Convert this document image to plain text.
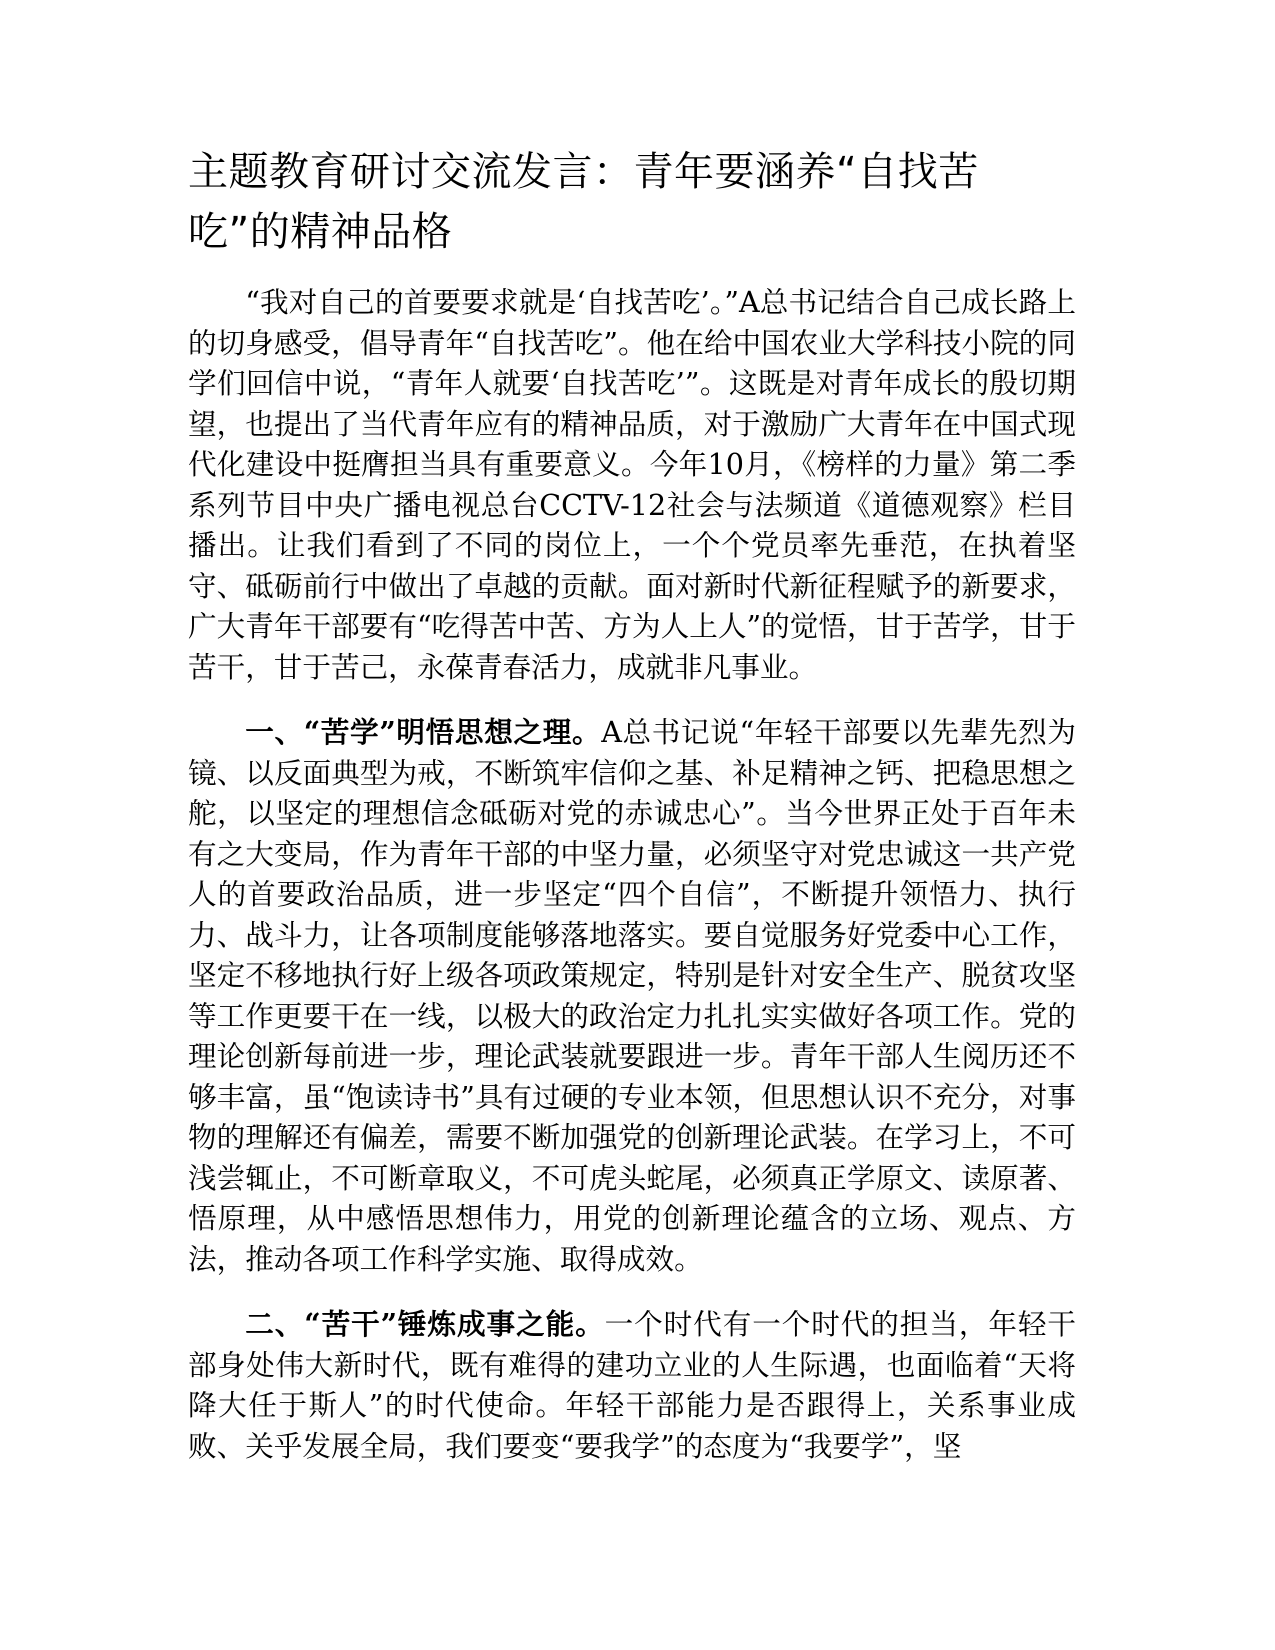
主题教育研讨交流发言：青年要涵养“自找苦吃”的精神品格

“我对自己的首要要求就是‘自找苦吃’。”A总书记结合自己成长路上的切身感受，倡导青年“自找苦吃”。他在给中国农业大学科技小院的同学们回信中说，“青年人就要‘自找苦吃’”。这既是对青年成长的殷切期望，也提出了当代青年应有的精神品质，对于激励广大青年在中国式现代化建设中挺膺担当具有重要意义。今年10月，《榜样的力量》第二季系列节目中央广播电视总台CCTV-12社会与法频道《道德观察》栏目播出。让我们看到了不同的岗位上，一个个党员率先垂范，在执着坚守、砥砺前行中做出了卓越的贡献。面对新时代新征程赋予的新要求，广大青年干部要有“吃得苦中苦、方为人上人”的觉悟，甘于苦学，甘于苦干，甘于苦己，永葆青春活力，成就非凡事业。

一、“苦学”明悟思想之理。A总书记说“年轻干部要以先辈先烈为镜、以反面典型为戒，不断筑牢信仰之基、补足精神之钙、把稳思想之舵，以坚定的理想信念砥砺对党的赤诚忠心”。当今世界正处于百年未有之大变局，作为青年干部的中坚力量，必须坚守对党忠诚这一共产党人的首要政治品质，进一步坚定“四个自信”，不断提升领悟力、执行力、战斗力，让各项制度能够落地落实。要自觉服务好党委中心工作，坚定不移地执行好上级各项政策规定，特别是针对安全生产、脱贫攻坚等工作更要干在一线，以极大的政治定力扎扎实实做好各项工作。党的理论创新每前进一步，理论武装就要跟进一步。青年干部人生阅历还不够丰富，虽“饱读诗书”具有过硬的专业本领，但思想认识不充分，对事物的理解还有偏差，需要不断加强党的创新理论武装。在学习上，不可浅尝辄止，不可断章取义，不可虎头蛇尾，必须真正学原文、读原著、悟原理，从中感悟思想伟力，用党的创新理论蕴含的立场、观点、方法，推动各项工作科学实施、取得成效。

二、“苦干”锤炼成事之能。一个时代有一个时代的担当，年轻干部身处伟大新时代，既有难得的建功立业的人生际遇，也面临着“天将降大任于斯人”的时代使命。年轻干部能力是否跟得上，关系事业成败、关乎发展全局，我们要变“要我学”的态度为“我要学”，坚
